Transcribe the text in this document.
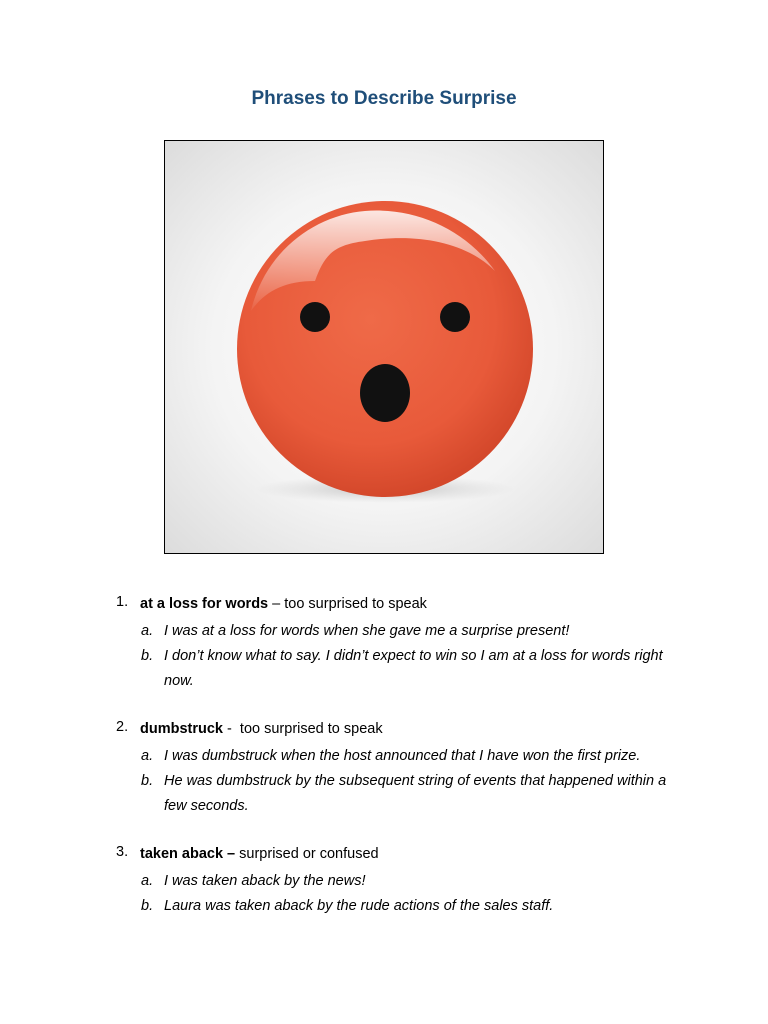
Phrases to Describe Surprise
1. at a loss for words – too surprised to speak
a. I was at a loss for words when she gave me a surprise present!
b. I don’t know what to say. I didn’t expect to win so I am at a loss for words right now.
2. dumbstruck -  too surprised to speak
a. I was dumbstruck when the host announced that I have won the first prize.
b. He was dumbstruck by the subsequent string of events that happened within a few seconds.
3. taken aback – surprised or confused
a. I was taken aback by the news!
b. Laura was taken aback by the rude actions of the sales staff.
